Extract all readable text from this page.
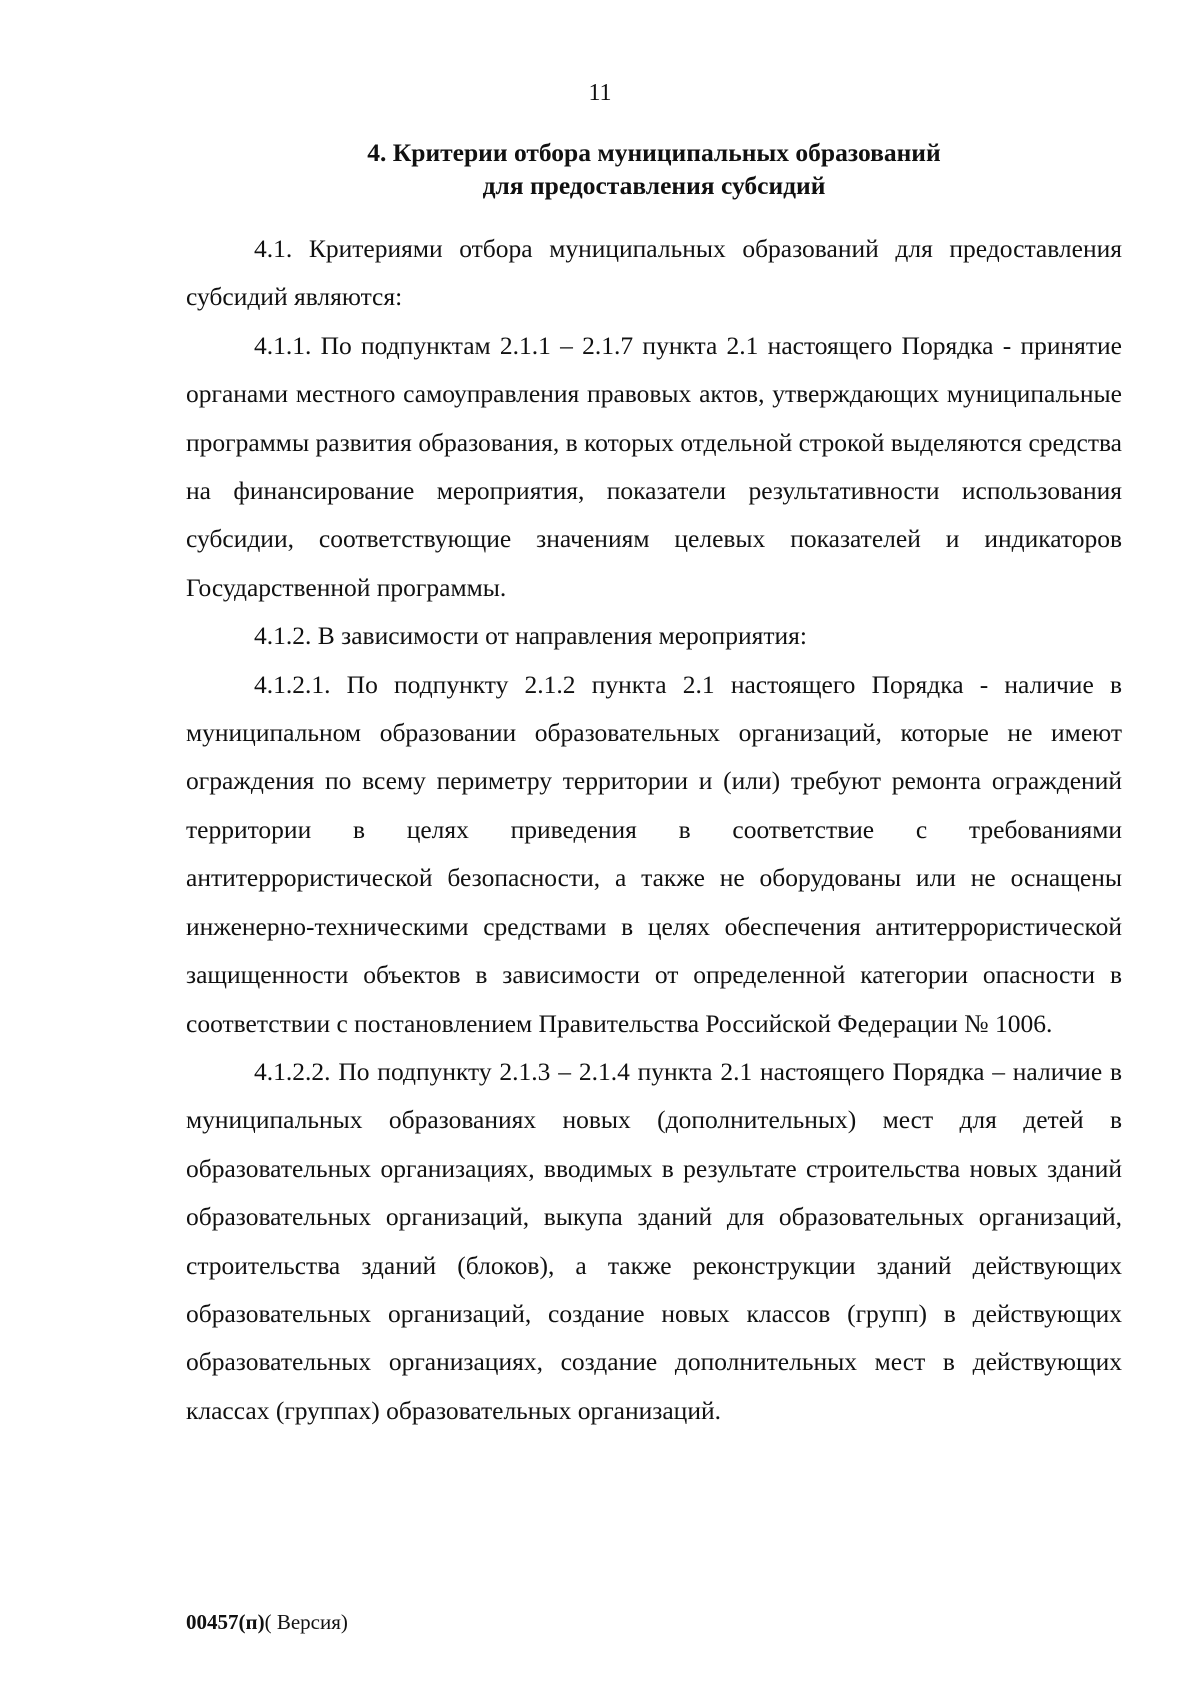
11
4. Критерии отбора муниципальных образований
для предоставления субсидий

4.1. Критериями отбора муниципальных образований для предоставления субсидий являются:

4.1.1. По подпунктам 2.1.1 – 2.1.7 пункта 2.1 настоящего Порядка - принятие органами местного самоуправления правовых актов, утверждающих муниципальные программы развития образования, в которых отдельной строкой выделяются средства на финансирование мероприятия, показатели результативности использования субсидии, соответствующие значениям целевых показателей и индикаторов Государственной программы.

4.1.2. В зависимости от направления мероприятия:

4.1.2.1. По подпункту 2.1.2 пункта 2.1 настоящего Порядка - наличие в муниципальном образовании образовательных организаций, которые не имеют ограждения по всему периметру территории и (или) требуют ремонта ограждений территории в целях приведения в соответствие с требованиями антитеррористической безопасности, а также не оборудованы или не оснащены инженерно-техническими средствами в целях обеспечения антитеррористической защищенности объектов в зависимости от определенной категории опасности в соответствии с постановлением Правительства Российской Федерации № 1006.

4.1.2.2. По подпункту 2.1.3 – 2.1.4 пункта 2.1 настоящего Порядка – наличие в муниципальных образованиях новых (дополнительных) мест для детей в образовательных организациях, вводимых в результате строительства новых зданий образовательных организаций, выкупа зданий для образовательных организаций, строительства зданий (блоков), а также реконструкции зданий действующих образовательных организаций, создание новых классов (групп) в действующих образовательных организациях, создание дополнительных мест в действующих классах (группах) образовательных организаций.

00457(п)( Версия)
